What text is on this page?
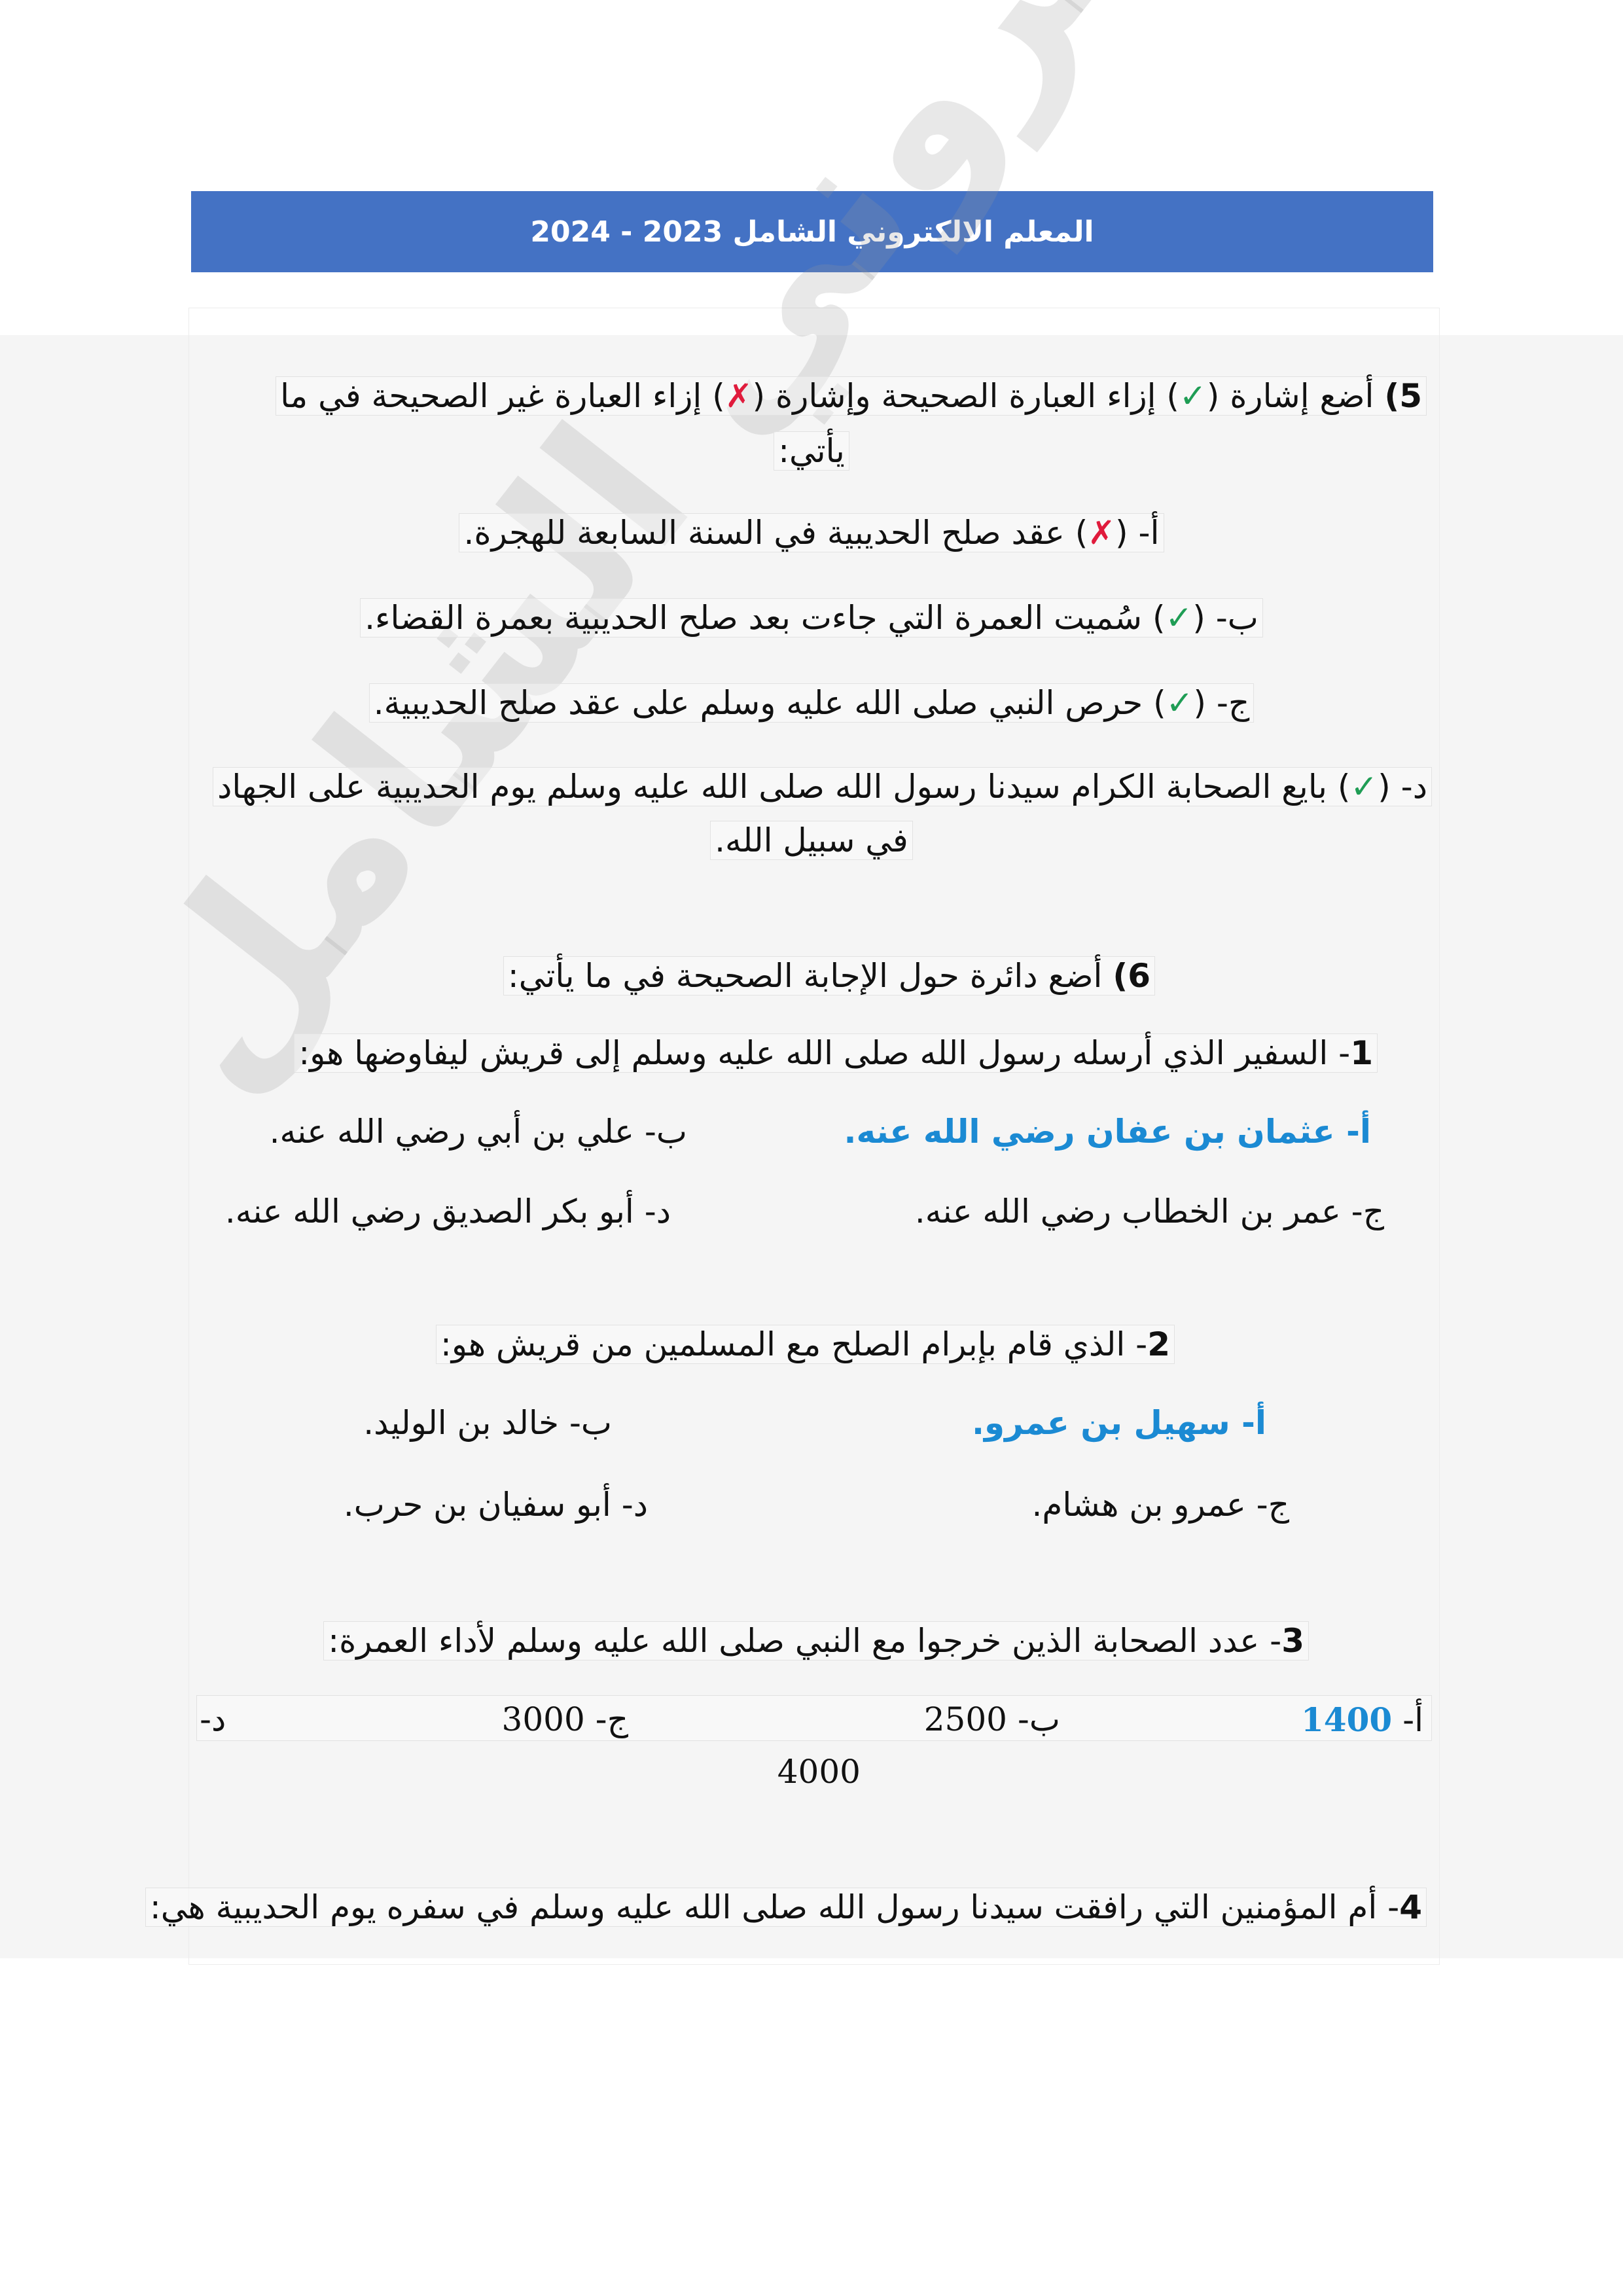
المعلم الالكتروني الشامل 2023 - 2024
5) أضع إشارة (✓) إزاء العبارة الصحيحة وإشارة (✗) إزاء العبارة غير الصحيحة في ما
يأتي:
أ- (✗) عقد صلح الحديبية في السنة السابعة للهجرة.
ب- (✓) سُميت العمرة التي جاءت بعد صلح الحديبية بعمرة القضاء.
ج- (✓) حرص النبي صلى الله عليه وسلم على عقد صلح الحديبية.
د- (✓) بايع الصحابة الكرام سيدنا رسول الله صلى الله عليه وسلم يوم الحديبية على الجهاد
في سبيل الله.
6) أضع دائرة حول الإجابة الصحيحة في ما يأتي:
1- السفير الذي أرسله رسول الله صلى الله عليه وسلم إلى قريش ليفاوضها هو:
أ- عثمان بن عفان رضي الله عنه.
ب- علي بن أبي رضي الله عنه.
ج- عمر بن الخطاب رضي الله عنه.
د- أبو بكر الصديق رضي الله عنه.
2- الذي قام بإبرام الصلح مع المسلمين من قريش هو:
أ- سهيل بن عمرو.
ب- خالد بن الوليد.
ج- عمرو بن هشام.
د- أبو سفيان بن حرب.
3- عدد الصحابة الذين خرجوا مع النبي صلى الله عليه وسلم لأداء العمرة:
أ- 1400
ب- 2500
ج- 3000
د-
4000
4- أم المؤمنين التي رافقت سيدنا رسول الله صلى الله عليه وسلم في سفره يوم الحديبية هي:
